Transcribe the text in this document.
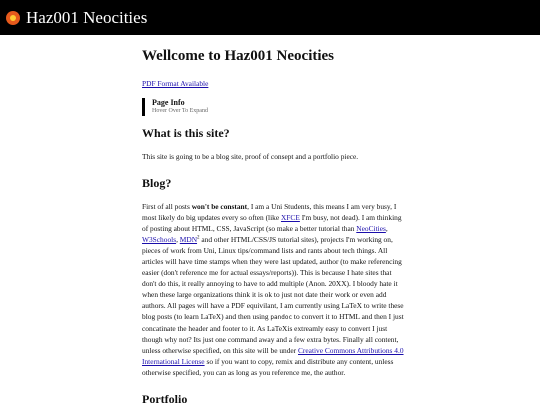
Haz001 Neocities
Wellcome to Haz001 Neocities
PDF Format Available
Page Info
Hover Over To Expand
What is this site?

This site is going to be a blog site, proof of consept and a portfolio piece.

Blog?

First of all posts won't be constant, I am a Uni Students, this means I am very busy, I most likely do big updates every so often (like XFCE I'm busy, not dead). I am thinking of posting about HTML, CSS, JavaScript (so make a better tutorial than NeoCities, W3Schools, MDN$^2$ and other HTML/CSS/JS tutorial sites), projects I'm working on, pieces of work from Uni, Linux tips/command lists and rants about tech things. All articles will have time stamps when they were last updated, author (to make referencing easier (don't reference me for actual essays/reports)). This is because I hate sites that don't do this, it really annoying to have to add multiple (Anon. 20XX). I bloody hate it when these large organizations think it is ok to just not date their work or even add authors. All pages will have a PDF equivilant, I am currently using LaTeX to write these blog posts (to learn LaTeX) and then using pandoc to convert it to HTML and then I just concatinate the header and footer to it. As LaTeXis extreamly easy to convert I just though why not? Its just one command away and a few extra bytes. Finally all content, unless otherwise specified, on this site will be under Creative Commons Attributions 4.0 International License so if you want to copy, remix and distribute any content, unless otherwise specified, you can as long as you reference me, the author.

Portfolio
